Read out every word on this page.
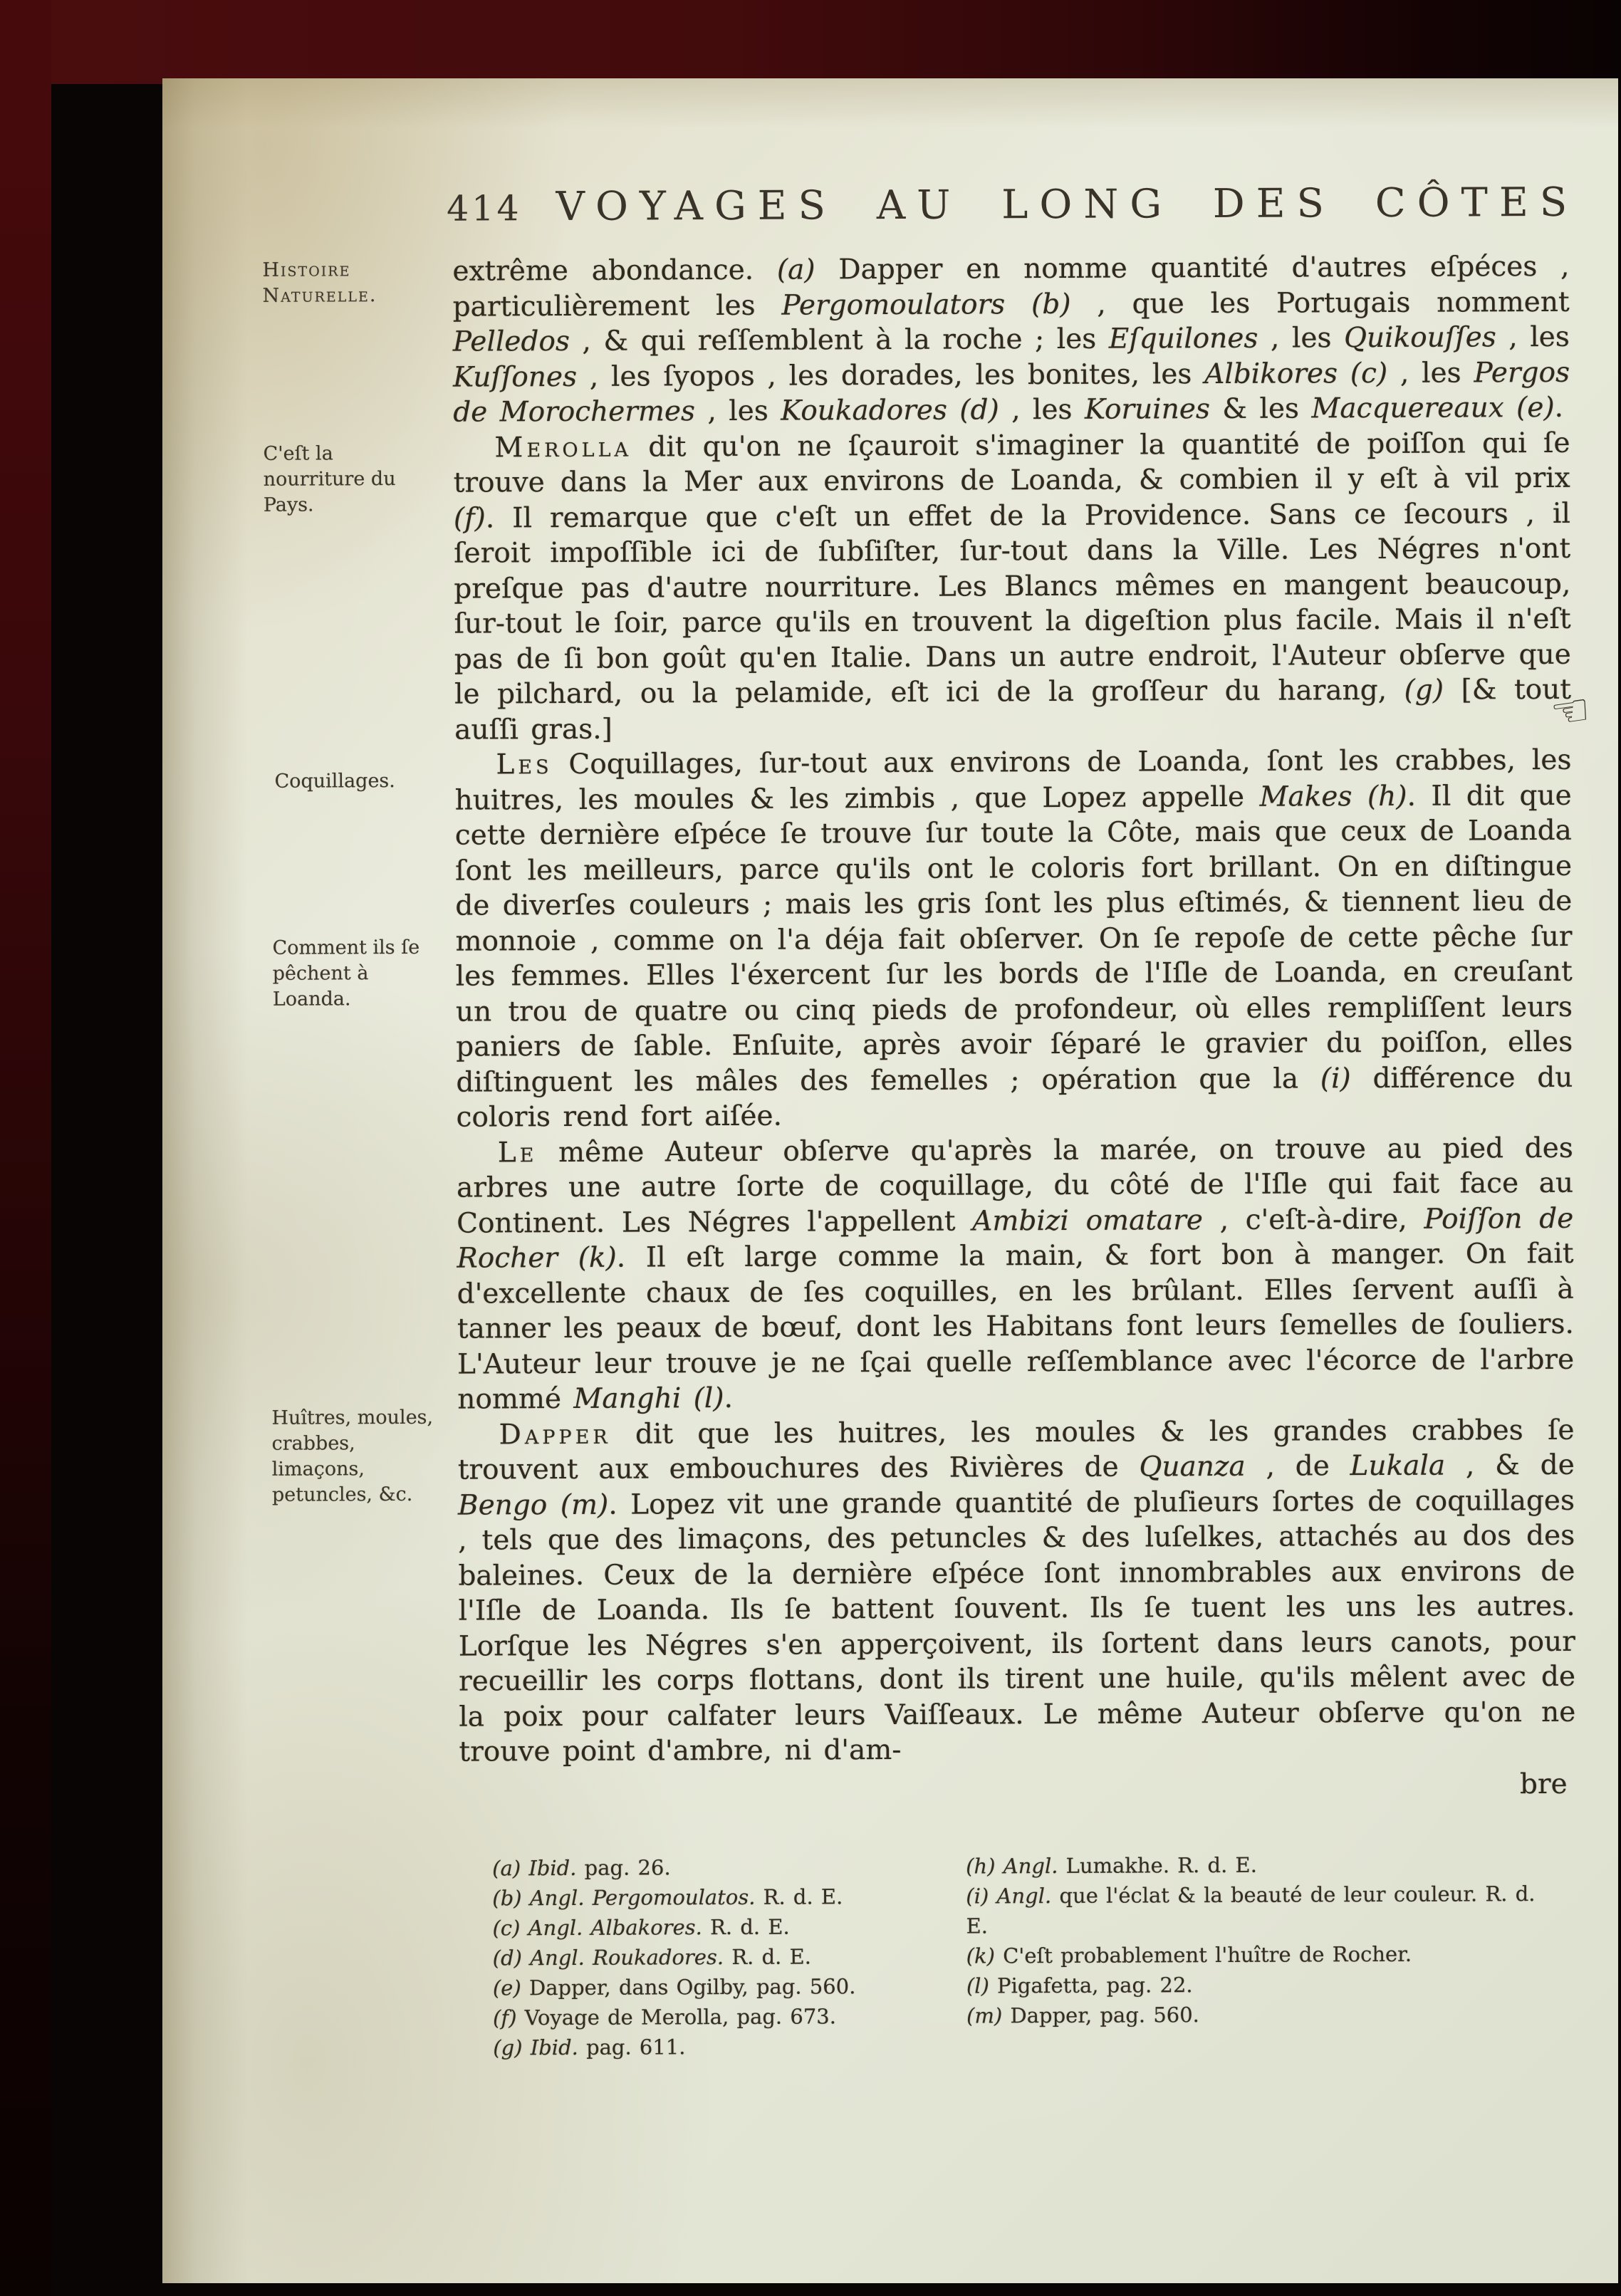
414 VOYAGES AU LONG DES CÔTES
Histoire Naturelle.
C'eſt la nourriture du Pays.
Coquillages.
Comment ils ſe pêchent à Loanda.
Huîtres, moules, crabbes, limaçons, petuncles, &c.

extrême abondance. (a) Dapper en nomme quantité d'autres eſpéces , particulièrement les Pergomoulators (b) , que les Portugais nomment Pelledos , & qui reſſemblent à la roche ; les Eſquilones , les Quikouſſes , les Kuſſones , les ſyopos , les dorades, les bonites, les Albikores (c) , les Pergos de Morochermes , les Koukadores (d) , les Koruines & les Macquereaux (e).

Merolla dit qu'on ne ſçauroit s'imaginer la quantité de poiſſon qui ſe trouve dans la Mer aux environs de Loanda, & combien il y eſt à vil prix (f). Il remarque que c'eſt un effet de la Providence. Sans ce ſecours , il ſeroit impoſſible ici de ſubſiſter, ſur-tout dans la Ville. Les Négres n'ont preſque pas d'autre nourriture. Les Blancs mêmes en mangent beaucoup, ſur-tout le ſoir, parce qu'ils en trouvent la digeſtion plus facile. Mais il n'eſt pas de ſi bon goût qu'en Italie. Dans un autre endroit, l'Auteur obſerve que le pilchard, ou la pelamide, eſt ici de la groſſeur du harang, (g) [& tout auſſi gras.]

Les Coquillages, ſur-tout aux environs de Loanda, ſont les crabbes, les huitres, les moules & les zimbis , que Lopez appelle Makes (h). Il dit que cette dernière eſpéce ſe trouve ſur toute la Côte, mais que ceux de Loanda ſont les meilleurs, parce qu'ils ont le coloris fort brillant. On en diſtingue de diverſes couleurs ; mais les gris ſont les plus eſtimés, & tiennent lieu de monnoie , comme on l'a déja fait obſerver. On ſe repoſe de cette pêche ſur les femmes. Elles l'éxercent ſur les bords de l'Iſle de Loanda, en creuſant un trou de quatre ou cinq pieds de profondeur, où elles rempliſſent leurs paniers de ſable. Enſuite, après avoir ſéparé le gravier du poiſſon, elles diſtinguent les mâles des femelles ; opération que la (i) différence du coloris rend fort aiſée.

Le même Auteur obſerve qu'après la marée, on trouve au pied des arbres une autre ſorte de coquillage, du côté de l'Iſle qui fait face au Continent. Les Négres l'appellent Ambizi omatare , c'eſt-à-dire, Poiſſon de Rocher (k). Il eſt large comme la main, & fort bon à manger. On fait d'excellente chaux de ſes coquilles, en les brûlant. Elles ſervent auſſi à tanner les peaux de bœuf, dont les Habitans font leurs ſemelles de ſouliers. L'Auteur leur trouve je ne ſçai quelle reſſemblance avec l'écorce de l'arbre nommé Manghi (l).

Dapper dit que les huitres, les moules & les grandes crabbes ſe trouvent aux embouchures des Rivières de Quanza , de Lukala , & de Bengo (m). Lopez vit une grande quantité de pluſieurs ſortes de coquillages , tels que des limaçons, des petuncles & des luſelkes, attachés au dos des baleines. Ceux de la dernière eſpéce ſont innombrables aux environs de l'Iſle de Loanda. Ils ſe battent ſouvent. Ils ſe tuent les uns les autres. Lorſque les Négres s'en apperçoivent, ils ſortent dans leurs canots, pour recueillir les corps flottans, dont ils tirent une huile, qu'ils mêlent avec de la poix pour calfater leurs Vaiſſeaux. Le même Auteur obſerve qu'on ne trouve point d'ambre, ni d'am-

bre

(a) Ibid. pag. 26.

(b) Angl. Pergomoulatos. R. d. E.

(c) Angl. Albakores. R. d. E.

(d) Angl. Roukadores. R. d. E.

(e) Dapper, dans Ogilby, pag. 560.

(f) Voyage de Merolla, pag. 673.

(g) Ibid. pag. 611.

(h) Angl. Lumakhe. R. d. E.

(i) Angl. que l'éclat & la beauté de leur couleur. R. d. E.

(k) C'eſt probablement l'huître de Rocher.

(l) Pigafetta, pag. 22.

(m) Dapper, pag. 560.

☜
